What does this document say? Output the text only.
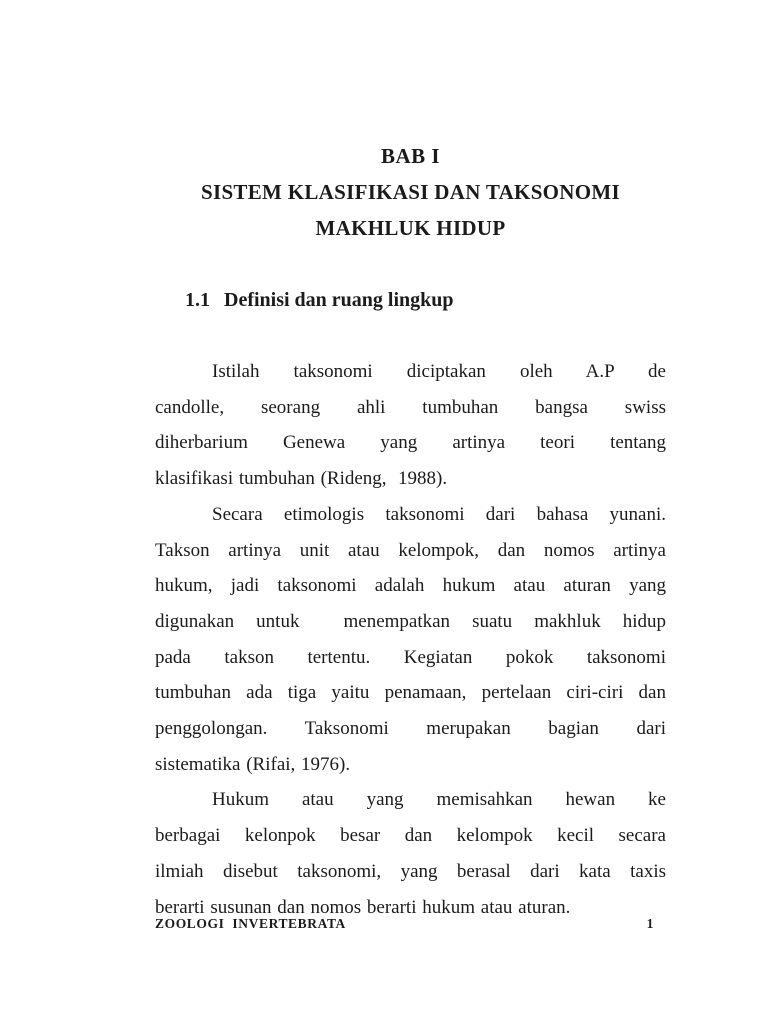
BAB I
SISTEM KLASIFIKASI DAN TAKSONOMI
MAKHLUK HIDUP

1.1 Definisi dan ruang lingkup

Istilah taksonomi diciptakan oleh A.P de
candolle, seorang ahli tumbuhan bangsa swiss
diherbarium Genewa yang artinya teori tentang
klasifikasi tumbuhan (Rideng,  1988).
Secara etimologis taksonomi dari bahasa yunani.
Takson artinya unit atau kelompok, dan nomos artinya
hukum, jadi taksonomi adalah hukum atau aturan yang
digunakan untuk  menempatkan suatu makhluk hidup
pada takson tertentu. Kegiatan pokok taksonomi
tumbuhan ada tiga yaitu penamaan, pertelaan ciri-ciri dan
penggolongan. Taksonomi merupakan bagian dari
sistematika (Rifai, 1976).
Hukum atau yang memisahkan hewan ke
berbagai kelonpok besar dan kelompok kecil secara
ilmiah disebut taksonomi, yang berasal dari kata taxis
berarti susunan dan nomos berarti hukum atau aturan.
ZOOLOGI  INVERTEBRATA	1
